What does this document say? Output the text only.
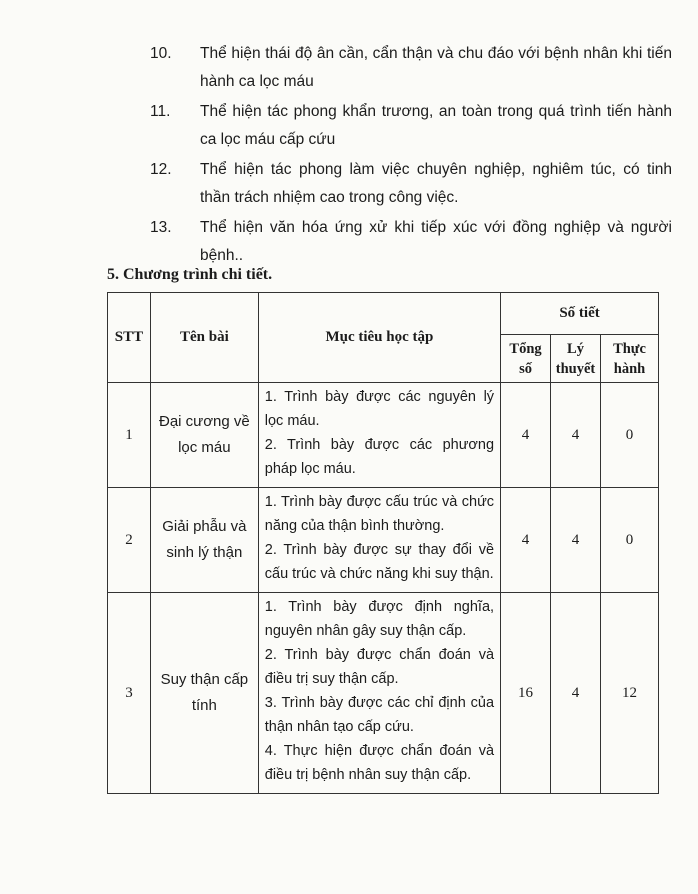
10.	Thể hiện thái độ ân cần, cẩn thận và chu đáo với bệnh nhân khi tiến hành ca lọc máu
11.	Thể hiện tác phong khẩn trương, an toàn trong quá trình tiến hành ca lọc máu cấp cứu
12.	Thể hiện tác phong làm việc chuyên nghiệp, nghiêm túc, có tinh thần trách nhiệm cao trong công việc.
13.	Thể hiện văn hóa ứng xử khi tiếp xúc với đồng nghiệp và người bệnh..
5. Chương trình chi tiết.
STT	Tên bài	Mục tiêu học tập	Số tiết		
			Tổng số	Lý thuyết	Thực hành
1	Đại cương về lọc máu	1. Trình bày được các nguyên lý lọc máu.

2. Trình bày được các phương pháp lọc máu.	4	4	0
2	Giải phẫu và sinh lý thận	1. Trình bày được cấu trúc và chức năng của thận bình thường.

2. Trình bày được sự thay đổi về cấu trúc và chức năng khi suy thận.	4	4	0
3	Suy thận cấp tính	1. Trình bày được định nghĩa, nguyên nhân gây suy thận cấp.

2. Trình bày được chẩn đoán và điều trị suy thận cấp.

3. Trình bày được các chỉ định của thận nhân tạo cấp cứu.

4. Thực hiện được chẩn đoán và điều trị bệnh nhân suy thận cấp.	16	4	12
